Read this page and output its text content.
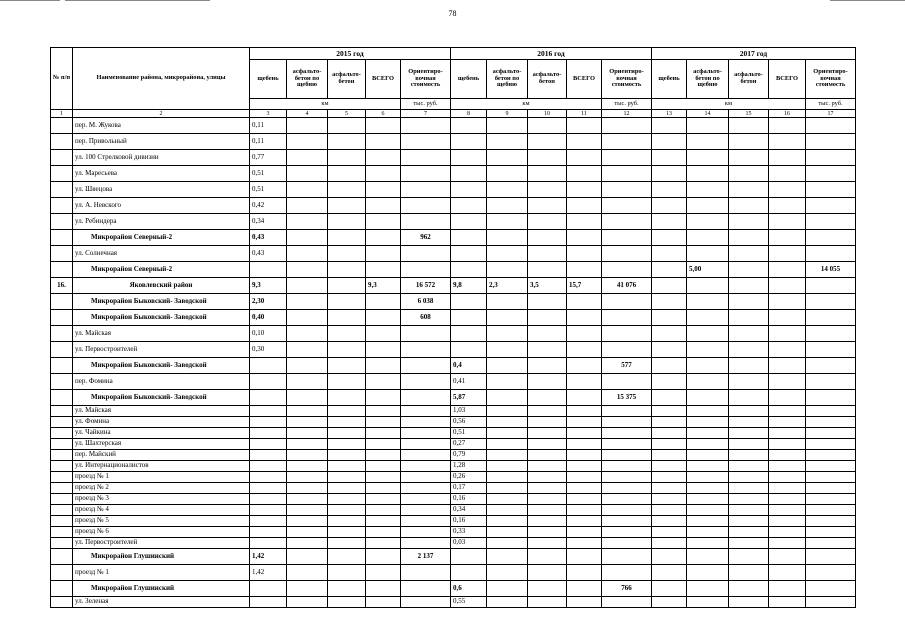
78
№ п/п	Наименование района, микрорайона, улицы	2015 год					2016 год					2017 год				
		щебень	асфальто-бетон по щебню	асфальто-бетон	ВСЕГО	Ориентиро-вочная стоимость	щебень	асфальто-бетон по щебню	асфальто-бетон	ВСЕГО	Ориентиро-вочная стоимость	щебень	асфальто-бетон по щебню	асфальто-бетон	ВСЕГО	Ориентиро-вочная стоимость
		км				тыс. руб.	км				тыс. руб.	км				тыс. руб.
1	2	3	4	5	6	7	8	9	10	11	12	13	14	15	16	17
	пер. М. Жукова	0,11														
	пер. Привольный	0,11														
	ул. 100 Стрелковой дивизии	0,77														
	ул. Маресьева	0,51														
	ул. Швецова	0,51														
	ул. А. Невского	0,42														
	ул. Ребиндера	0,34														
	Микрорайон Северный-2	0,43				962										
	ул. Солнечная	0,43														
	Микрорайон Северный-2												5,00			14 055
16.	Яковлевский район	9,3			9,3	16 572	9,8	2,3	3,5	15,7	41 076					
	Микрорайон Быковский- Заводской	2,30				6 038										
	Микрорайон Быковский- Заводской	0,40				608										
	ул. Майская	0,10														
	ул. Первостроителей	0,30														
	Микрорайон Быковский- Заводской						0,4				577					
	пер. Фомина						0,41									
	Микрорайон Быковский- Заводской						5,87				15 375					
	ул. Майская						1,03									
	ул. Фомина						0,56									
	ул. Чайкина						0,51									
	ул. Шахтерская						0,27									
	пер. Майский						0,79									
	ул. Интернационалистов						1,28									
	проезд № 1						0,26									
	проезд № 2						0,17									
	проезд № 3						0,16									
	проезд № 4						0,34									
	проезд № 5						0,16									
	проезд № 6						0,33									
	ул. Первостроителей						0,03									
	Микрорайон Глушинский	1,42				2 137										
	проезд № 1	1,42														
	Микрорайон Глушинский						0,6				766					
	ул. Зеленая						0,55									
